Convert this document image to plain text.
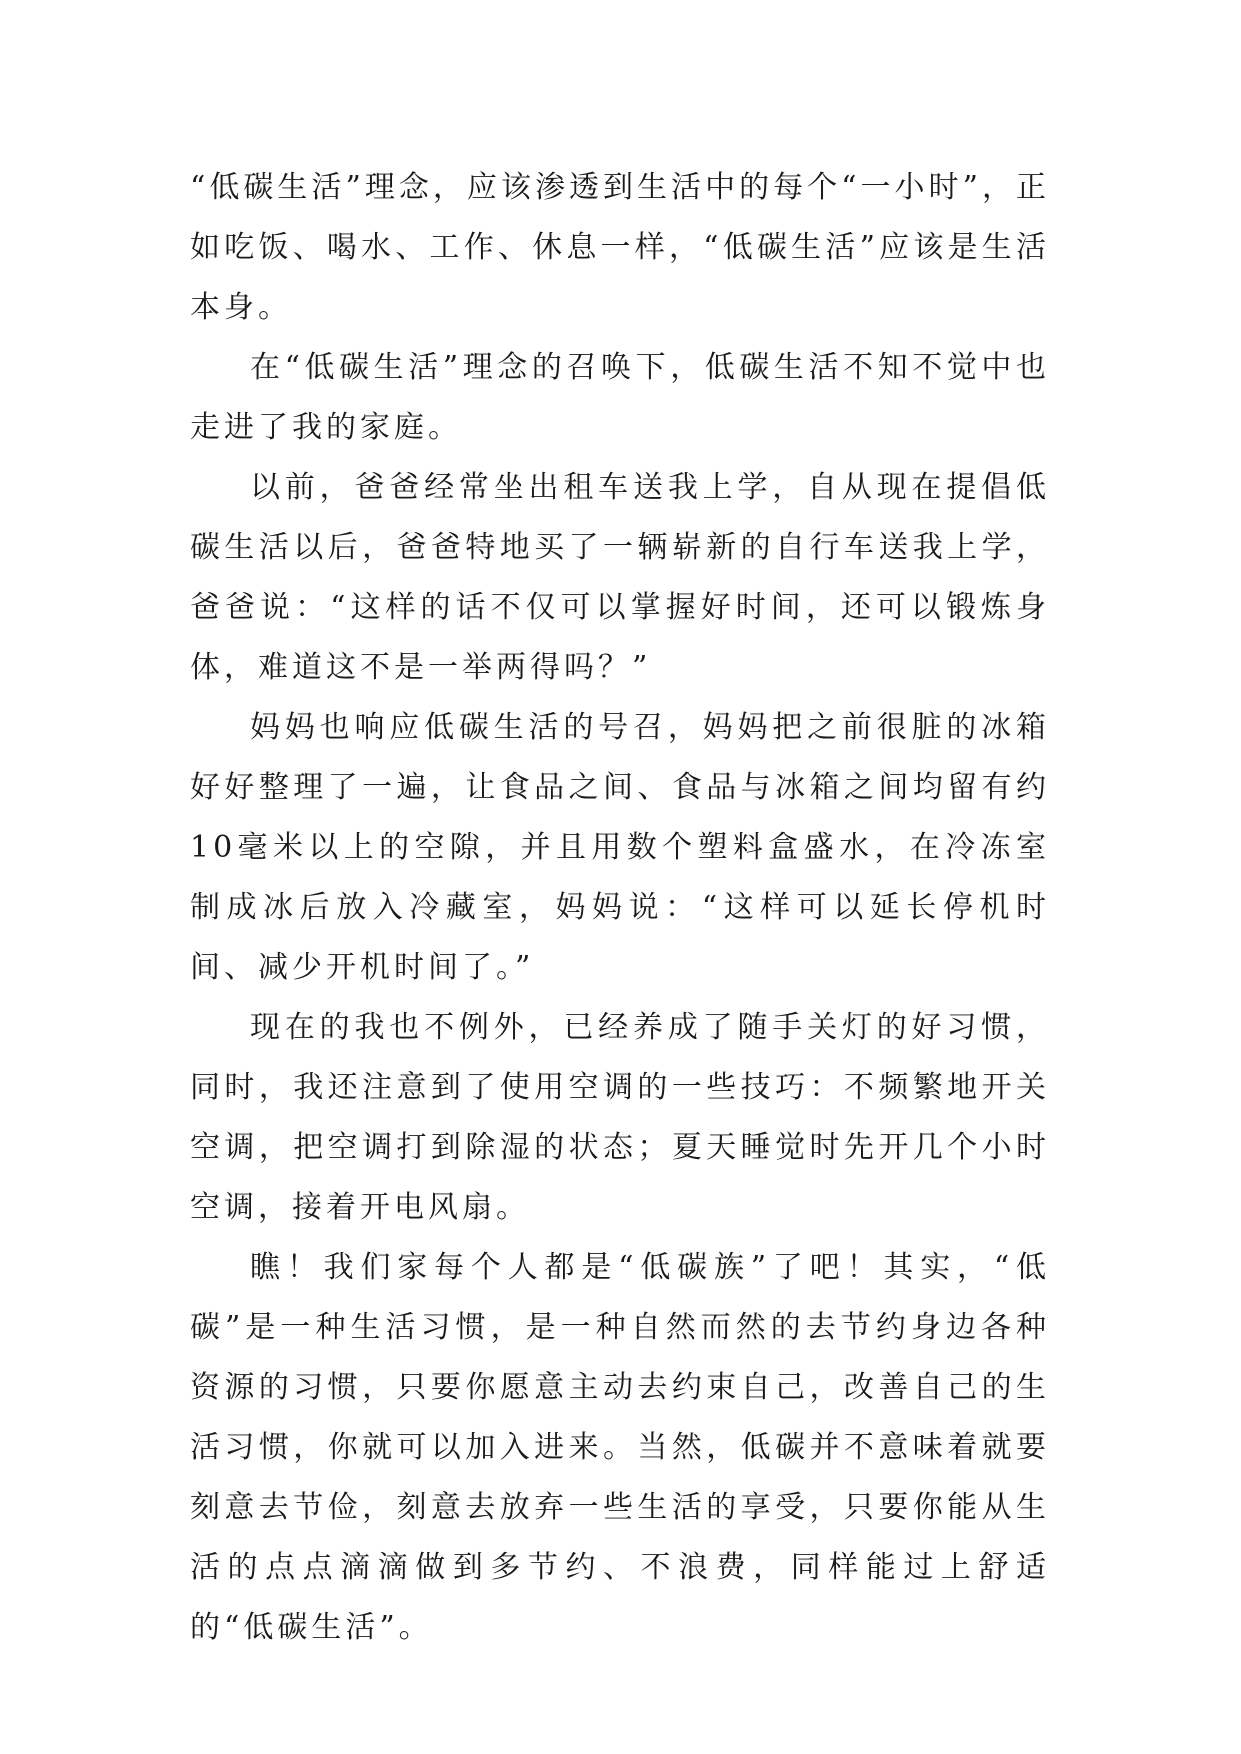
“低碳生活”理念，应该渗透到生活中的每个“一小时”，正如吃饭、喝水、工作、休息一样，“低碳生活”应该是生活本身。

在“低碳生活”理念的召唤下，低碳生活不知不觉中也走进了我的家庭。

以前，爸爸经常坐出租车送我上学，自从现在提倡低碳生活以后，爸爸特地买了一辆崭新的自行车送我上学，爸爸说：“这样的话不仅可以掌握好时间，还可以锻炼身体，难道这不是一举两得吗？”

妈妈也响应低碳生活的号召，妈妈把之前很脏的冰箱好好整理了一遍，让食品之间、食品与冰箱之间均留有约10毫米以上的空隙，并且用数个塑料盒盛水，在冷冻室制成冰后放入冷藏室，妈妈说：“这样可以延长停机时间、减少开机时间了。”

现在的我也不例外，已经养成了随手关灯的好习惯，同时，我还注意到了使用空调的一些技巧：不频繁地开关空调，把空调打到除湿的状态；夏天睡觉时先开几个小时空调，接着开电风扇。

瞧！我们家每个人都是“低碳族”了吧！其实，“低碳”是一种生活习惯，是一种自然而然的去节约身边各种资源的习惯，只要你愿意主动去约束自己，改善自己的生活习惯，你就可以加入进来。当然，低碳并不意味着就要刻意去节俭，刻意去放弃一些生活的享受，只要你能从生活的点点滴滴做到多节约、不浪费，同样能过上舒适的“低碳生活”。
